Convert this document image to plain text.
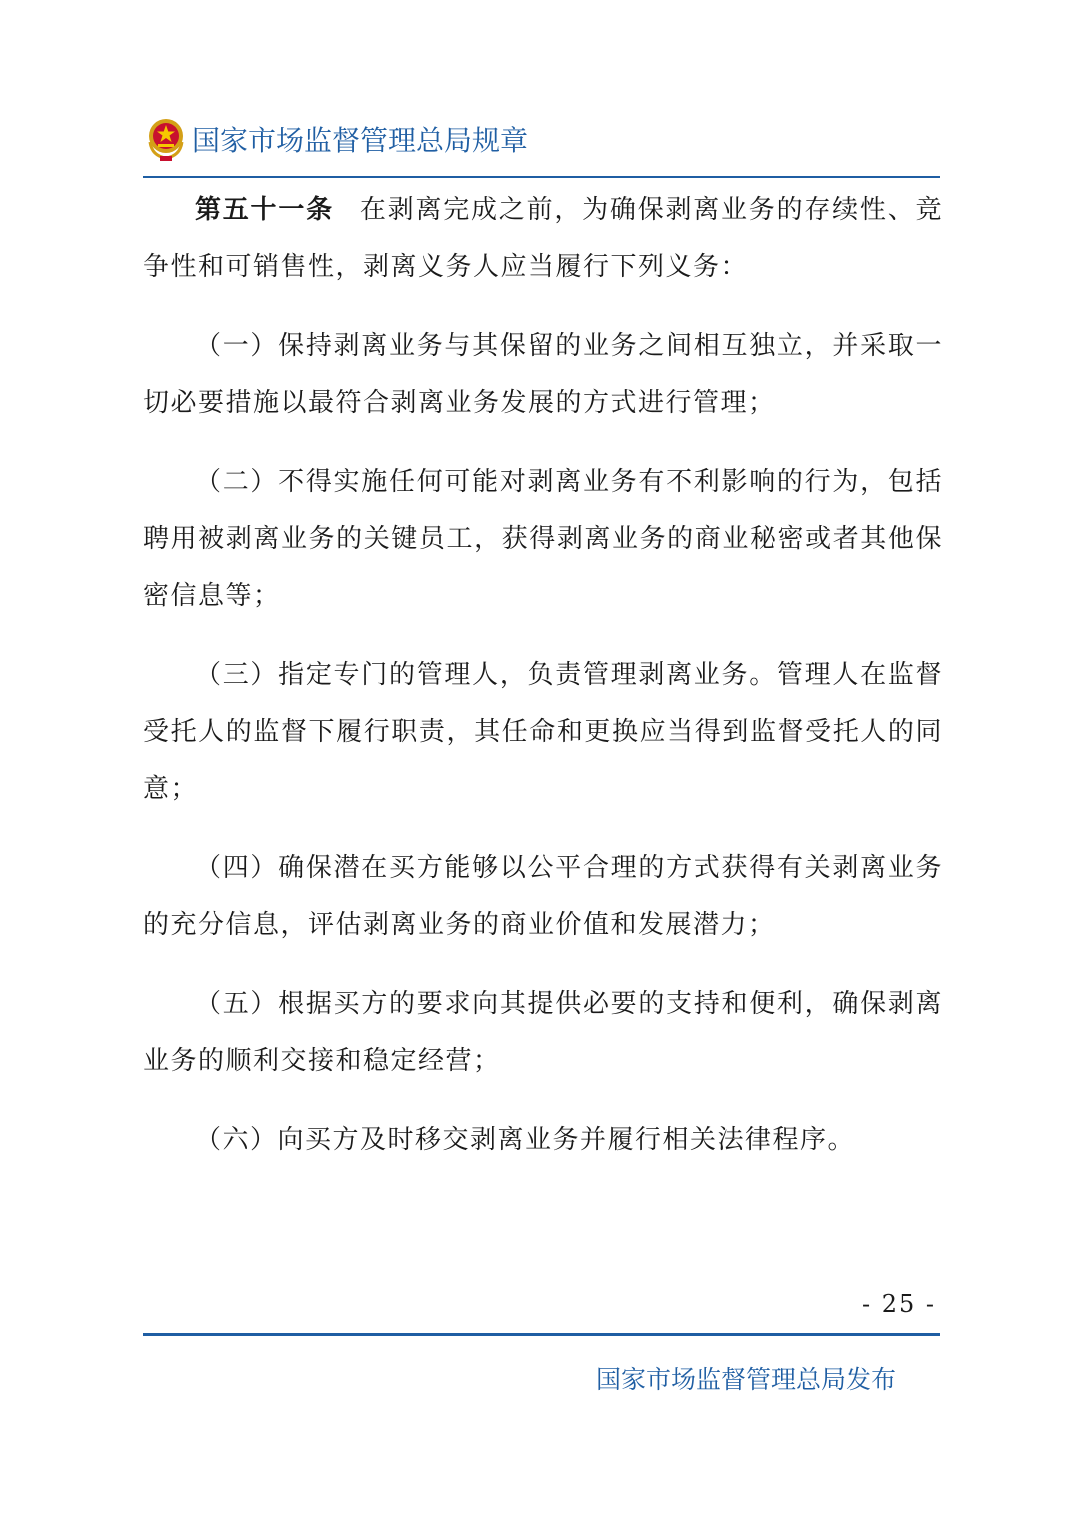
国家市场监督管理总局规章

第五十一条 在剥离完成之前，为确保剥离业务的存续性、竞争性和可销售性，剥离义务人应当履行下列义务：

（一）保持剥离业务与其保留的业务之间相互独立，并采取一切必要措施以最符合剥离业务发展的方式进行管理；

（二）不得实施任何可能对剥离业务有不利影响的行为，包括聘用被剥离业务的关键员工，获得剥离业务的商业秘密或者其他保密信息等；

（三）指定专门的管理人，负责管理剥离业务。管理人在监督受托人的监督下履行职责，其任命和更换应当得到监督受托人的同意；

（四）确保潜在买方能够以公平合理的方式获得有关剥离业务的充分信息，评估剥离业务的商业价值和发展潜力；

（五）根据买方的要求向其提供必要的支持和便利，确保剥离业务的顺利交接和稳定经营；

（六）向买方及时移交剥离业务并履行相关法律程序。

- 25 -
国家市场监督管理总局发布
